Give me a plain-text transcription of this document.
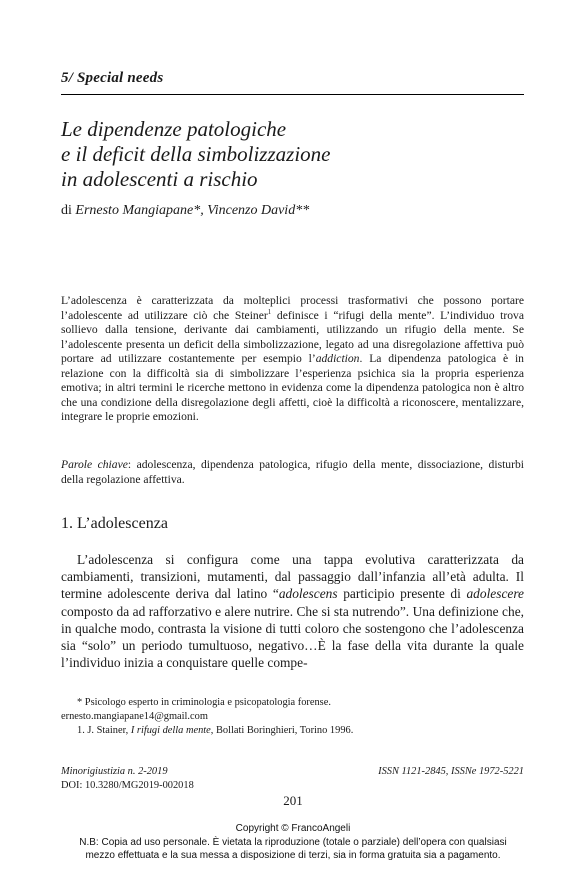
5/ Special needs
Le dipendenze patologiche
e il deficit della simbolizzazione
in adolescenti a rischio
di Ernesto Mangiapane*, Vincenzo David**

L’adolescenza è caratterizzata da molteplici processi trasformativi che possono portare l’adolescente ad utilizzare ciò che Steiner$^1$ definisce i “rifugi della mente”. L’individuo trova sollievo dalla tensione, derivante dai cambiamenti, utilizzando un rifugio della mente. Se l’adolescente presenta un deficit della simbolizzazione, legato ad una disregolazione affettiva può portare ad utilizzare costantemente per esempio l’addiction. La dipendenza patologica è in relazione con la difficoltà sia di simbolizzare l’esperienza psichica sia la propria esperienza emotiva; in altri termini le ricerche mettono in evidenza come la dipendenza patologica non è altro che una condizione della disregolazione degli affetti, cioè la difficoltà a riconoscere, mentalizzare, integrare le proprie emozioni.

Parole chiave: adolescenza, dipendenza patologica, rifugio della mente, dissociazione, disturbi della regolazione affettiva.

1. L’adolescenza

L’adolescenza si configura come una tappa evolutiva caratterizzata da cambiamenti, transizioni, mutamenti, dal passaggio dall’infanzia all’età adulta. Il termine adolescente deriva dal latino “adolescens participio presente di adolescere composto da ad rafforzativo e alere nutrire. Che si sta nutrendo”. Una definizione che, in qualche modo, contrasta la visione di tutti coloro che sostengono che l’adolescenza sia “solo” un periodo tumultuoso, negativo…È la fase della vita durante la quale l’individuo inizia a conquistare quelle compe-

* Psicologo esperto in criminologia e psicopatologia forense.

ernesto.mangiapane14@gmail.com

1. J. Stainer, I rifugi della mente, Bollati Boringhieri, Torino 1996.

Minorigiustizia n. 2-2019
DOI: 10.3280/MG2019-002018
ISSN 1121-2845, ISSNe 1972-5221
201
Copyright © FrancoAngeli
N.B: Copia ad uso personale. È vietata la riproduzione (totale o parziale) dell’opera con qualsiasi
mezzo effettuata e la sua messa a disposizione di terzi, sia in forma gratuita sia a pagamento.
